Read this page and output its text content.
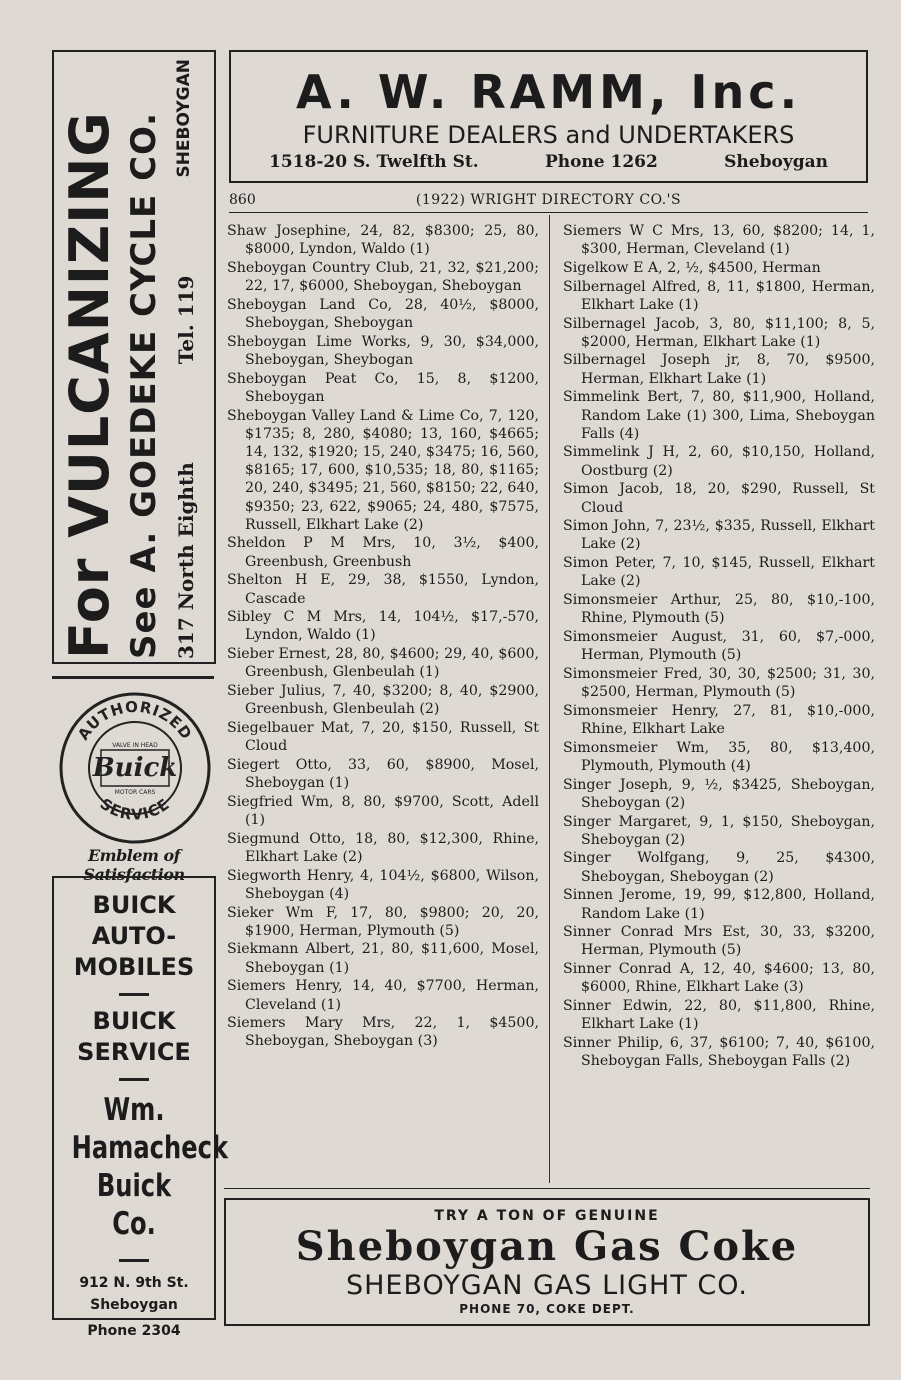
For VULCANIZING See A. GOEDEKE CYCLE CO. 317 North Eighth
Tel. 119
SHEBOYGAN
AUTHORIZED
SERVICE
VALVE IN HEAD
Buick
MOTOR CARS
Emblem of Satisfaction
BUICK
AUTO-
MOBILES
BUICK
SERVICE
Wm.
Hamacheck
Buick Co.
912 N. 9th St.
Sheboygan
Phone 2304
A. W. RAMM, Inc.
FURNITURE DEALERS and UNDERTAKERS
1518-20 S. Twelfth St.	Phone 1262	Sheboygan
(1922) WRIGHT DIRECTORY CO.'S
860
Shaw Josephine, 24, 82, $8300; 25, 80, $8000, Lyndon, Waldo (1)
Sheboygan Country Club, 21, 32, $21,200; 22, 17, $6000, Sheboygan, Sheboygan
Sheboygan Land Co, 28, 40½, $8000, Sheboygan, Sheboygan
Sheboygan Lime Works, 9, 30, $34,000, Sheboygan, Sheybogan
Sheboygan Peat Co, 15, 8, $1200, Sheboygan
Sheboygan Valley Land & Lime Co, 7, 120, $1735; 8, 280, $4080; 13, 160, $4665; 14, 132, $1920; 15, 240, $3475; 16, 560, $8165; 17, 600, $10,535; 18, 80, $1165; 20, 240, $3495; 21, 560, $8150; 22, 640, $9350; 23, 622, $9065; 24, 480, $7575, Russell, Elkhart Lake (2)
Sheldon P M Mrs, 10, 3½, $400, Greenbush, Greenbush
Shelton H E, 29, 38, $1550, Lyndon, Cascade
Sibley C M Mrs, 14, 104½, $17,-570, Lyndon, Waldo (1)
Sieber Ernest, 28, 80, $4600; 29, 40, $600, Greenbush, Glenbeulah (1)
Sieber Julius, 7, 40, $3200; 8, 40, $2900, Greenbush, Glenbeulah (2)
Siegelbauer Mat, 7, 20, $150, Russell, St Cloud
Siegert Otto, 33, 60, $8900, Mosel, Sheboygan (1)
Siegfried Wm, 8, 80, $9700, Scott, Adell (1)
Siegmund Otto, 18, 80, $12,300, Rhine, Elkhart Lake (2)
Siegworth Henry, 4, 104½, $6800, Wilson, Sheboygan (4)
Sieker Wm F, 17, 80, $9800; 20, 20, $1900, Herman, Plymouth (5)
Siekmann Albert, 21, 80, $11,600, Mosel, Sheboygan (1)
Siemers Henry, 14, 40, $7700, Herman, Cleveland (1)
Siemers Mary Mrs, 22, 1, $4500, Sheboygan, Sheboygan (3)
Siemers W C Mrs, 13, 60, $8200; 14, 1, $300, Herman, Cleveland (1)
Sigelkow E A, 2, ½, $4500, Herman
Silbernagel Alfred, 8, 11, $1800, Herman, Elkhart Lake (1)
Silbernagel Jacob, 3, 80, $11,100; 8, 5, $2000, Herman, Elkhart Lake (1)
Silbernagel Joseph jr, 8, 70, $9500, Herman, Elkhart Lake (1)
Simmelink Bert, 7, 80, $11,900, Holland, Random Lake (1) 300, Lima, Sheboygan Falls (4)
Simmelink J H, 2, 60, $10,150, Holland, Oostburg (2)
Simon Jacob, 18, 20, $290, Russell, St Cloud
Simon John, 7, 23½, $335, Russell, Elkhart Lake (2)
Simon Peter, 7, 10, $145, Russell, Elkhart Lake (2)
Simonsmeier Arthur, 25, 80, $10,-100, Rhine, Plymouth (5)
Simonsmeier August, 31, 60, $7,-000, Herman, Plymouth (5)
Simonsmeier Fred, 30, 30, $2500; 31, 30, $2500, Herman, Plymouth (5)
Simonsmeier Henry, 27, 81, $10,-000, Rhine, Elkhart Lake
Simonsmeier Wm, 35, 80, $13,400, Plymouth, Plymouth (4)
Singer Joseph, 9, ½, $3425, Sheboygan, Sheboygan (2)
Singer Margaret, 9, 1, $150, Sheboygan, Sheboygan (2)
Singer Wolfgang, 9, 25, $4300, Sheboygan, Sheboygan (2)
Sinnen Jerome, 19, 99, $12,800, Holland, Random Lake (1)
Sinner Conrad Mrs Est, 30, 33, $3200, Herman, Plymouth (5)
Sinner Conrad A, 12, 40, $4600; 13, 80, $6000, Rhine, Elkhart Lake (3)
Sinner Edwin, 22, 80, $11,800, Rhine, Elkhart Lake (1)
Sinner Philip, 6, 37, $6100; 7, 40, $6100, Sheboygan Falls, Sheboygan Falls (2)
TRY A TON OF GENUINE
Sheboygan Gas Coke
SHEBOYGAN GAS LIGHT CO.
PHONE 70, COKE DEPT.
